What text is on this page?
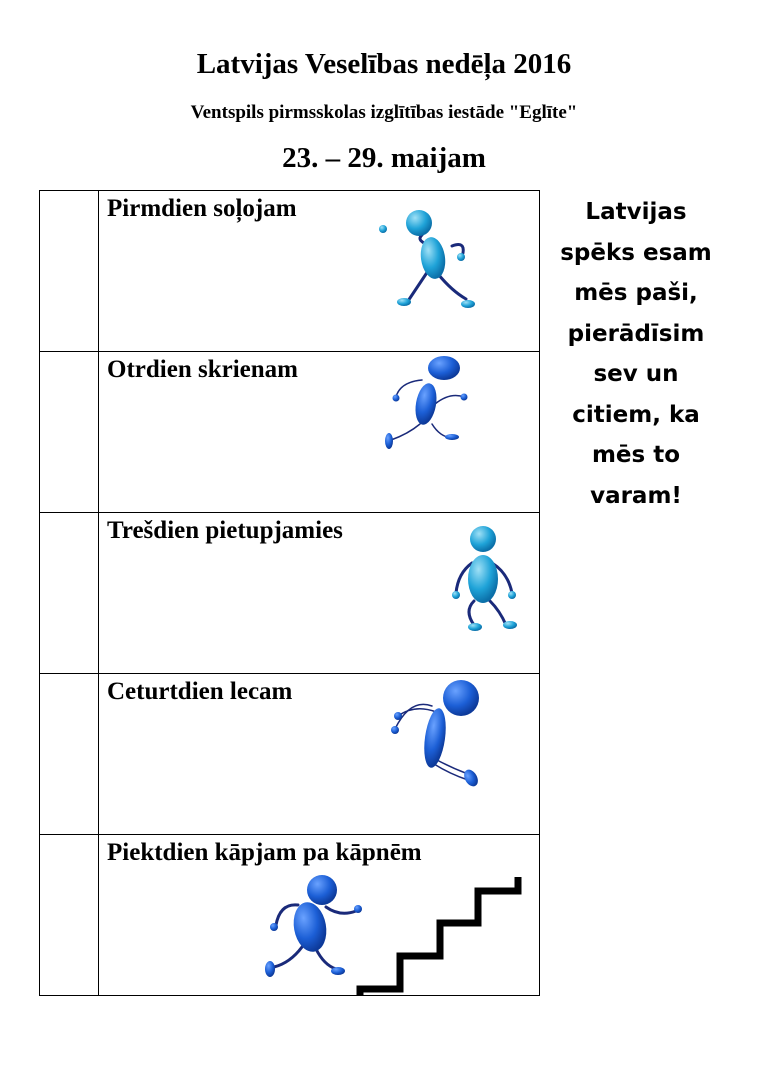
Latvijas Veselības nedēļa 2016
Ventspils pirmsskolas izglītības iestāde "Eglīte"
23. – 29. maijam
Pirmdien soļojam
Otrdien skrienam
Trešdien pietupjamies
Ceturtdien lecam
Piektdien kāpjam pa kāpnēm
Latvijas
spēks esam
mēs paši,
pierādīsim
sev un
citiem, ka
mēs to
varam!
